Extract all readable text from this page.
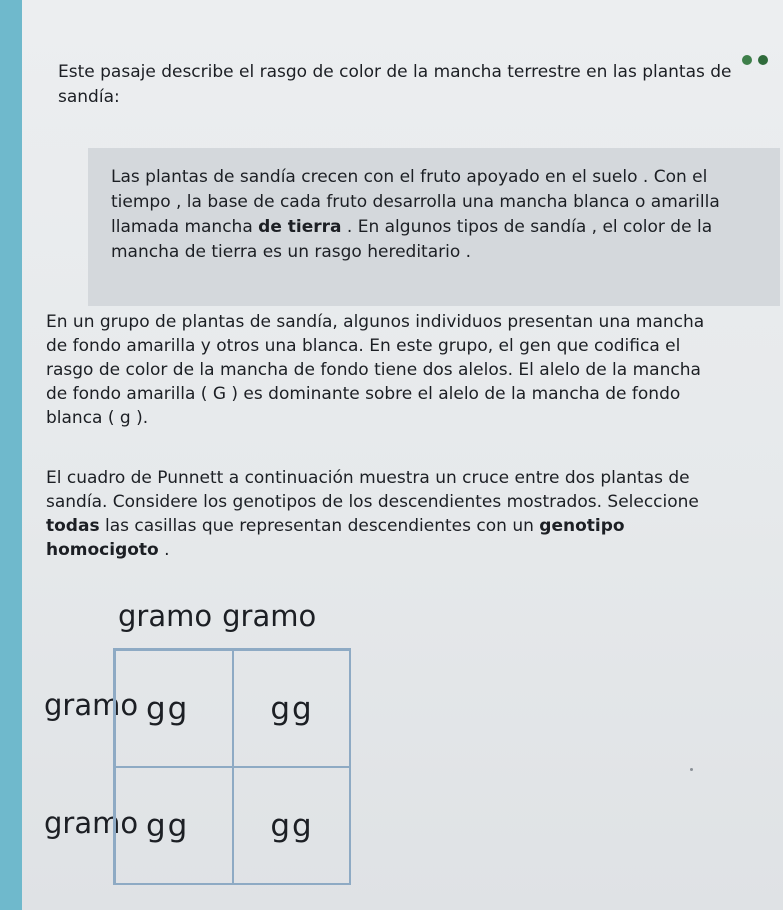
Este pasaje describe el rasgo de color de la mancha terrestre en las plantas de
sandía:

Las plantas de sandía crecen con el fruto apoyado en el suelo . Con el tiempo , la base de cada fruto desarrolla una mancha blanca o amarilla llamada mancha de tierra . En algunos tipos de sandía , el color de la mancha de tierra es un rasgo hereditario .

En un grupo de plantas de sandía, algunos individuos presentan una mancha
de fondo amarilla y otros una blanca. En este grupo, el gen que codifica el
rasgo de color de la mancha de fondo tiene dos alelos. El alelo de la mancha
de fondo amarilla ( G ) es dominante sobre el alelo de la mancha de fondo
blanca ( g ).

El cuadro de Punnett a continuación muestra un cruce entre dos plantas de
sandía. Considere los genotipos de los descendientes mostrados. Seleccione
todas las casillas que representan descendientes con un genotipo
homocigoto .

gramo gramo
gramo
gramo
gg	gg
gg	gg
